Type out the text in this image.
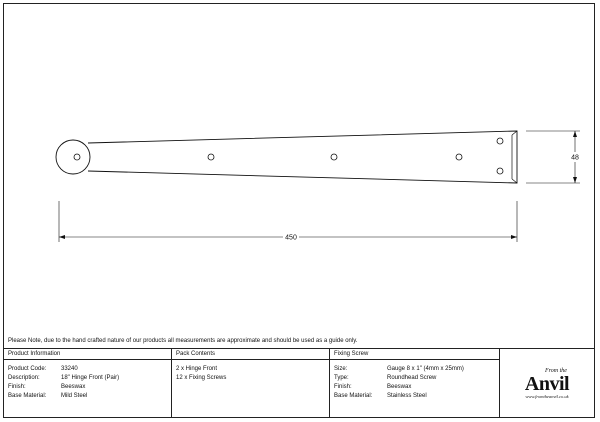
450
48
Please Note, due to the hand crafted nature of our products all measurements are approximate and should be used as a guide only.
Product Information
Product Code:	33240
Description:	18" Hinge Front (Pair)
Finish:	Beeswax
Base Material:	Mild Steel
Pack Contents
2 x Hinge Front
12 x Fixing Screws
Fixing Screw
Size:	Gauge 8 x 1" (4mm x 25mm)
Type:	Roundhead Screw
Finish:	Beeswax
Base Material:	Stainless Steel
From the
Anvil
www.fromtheanvil.co.uk
